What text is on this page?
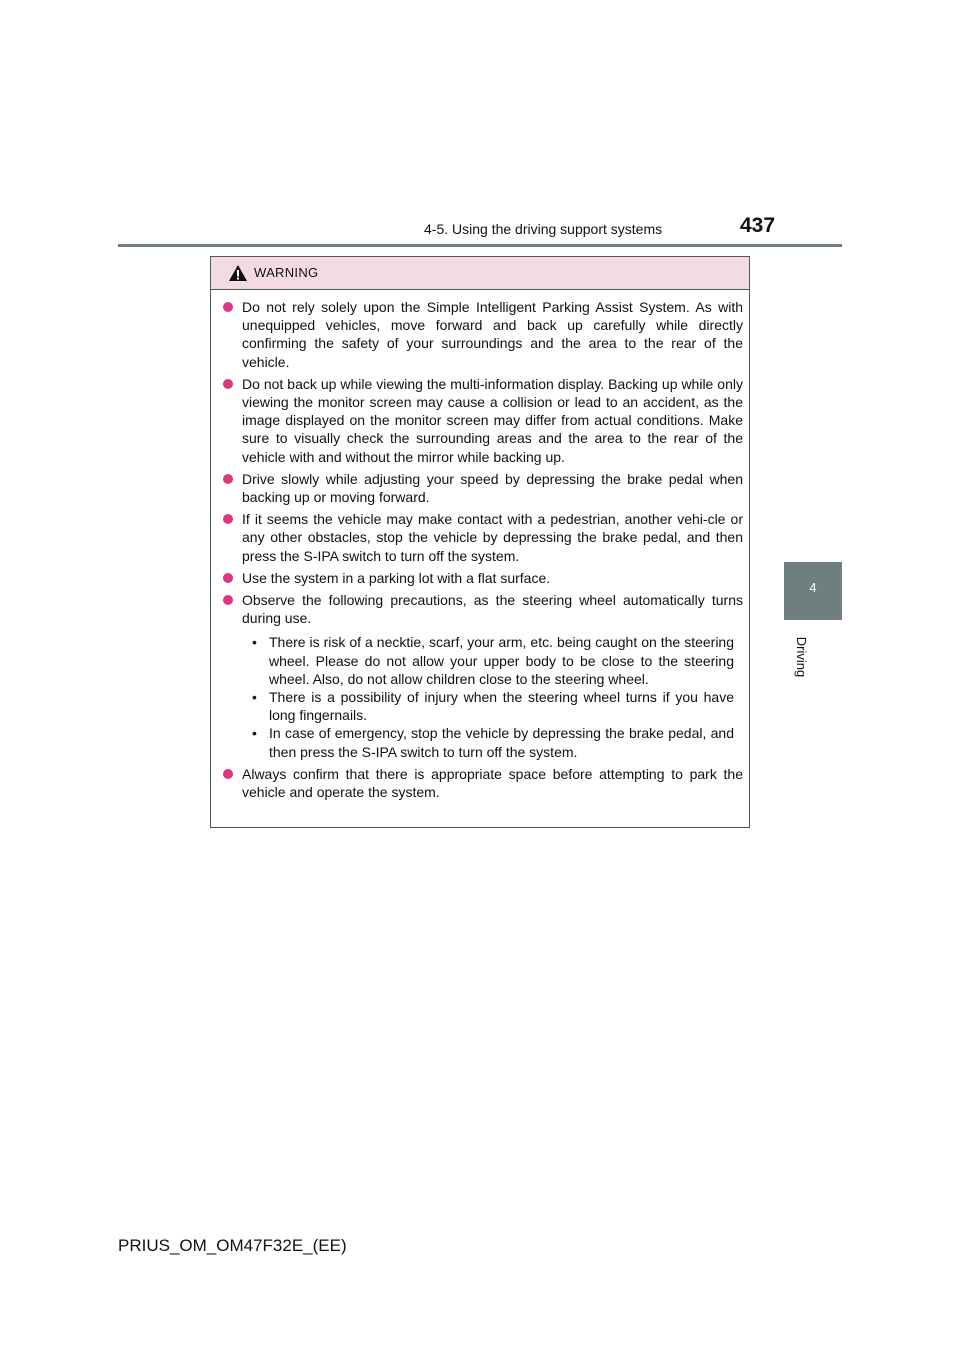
4-5. Using the driving support systems	437
4
Driving
WARNING
Do not rely solely upon the Simple Intelligent Parking Assist System. As with unequipped vehicles, move forward and back up carefully while directly confirming the safety of your surroundings and the area to the rear of the vehicle.
Do not back up while viewing the multi-information display. Backing up while only viewing the monitor screen may cause a collision or lead to an accident, as the image displayed on the monitor screen may differ from actual conditions. Make sure to visually check the surrounding areas and the area to the rear of the vehicle with and without the mirror while backing up.
Drive slowly while adjusting your speed by depressing the brake pedal when backing up or moving forward.
If it seems the vehicle may make contact with a pedestrian, another vehi-cle or any other obstacles, stop the vehicle by depressing the brake pedal, and then press the S-IPA switch to turn off the system.
Use the system in a parking lot with a flat surface.
Observe the following precautions, as the steering wheel automatically turns during use.
• There is risk of a necktie, scarf, your arm, etc. being caught on the steering wheel. Please do not allow your upper body to be close to the steering wheel. Also, do not allow children close to the steering wheel.
• There is a possibility of injury when the steering wheel turns if you have long fingernails.
• In case of emergency, stop the vehicle by depressing the brake pedal, and then press the S-IPA switch to turn off the system.
Always confirm that there is appropriate space before attempting to park the vehicle and operate the system.
PRIUS_OM_OM47F32E_(EE)
